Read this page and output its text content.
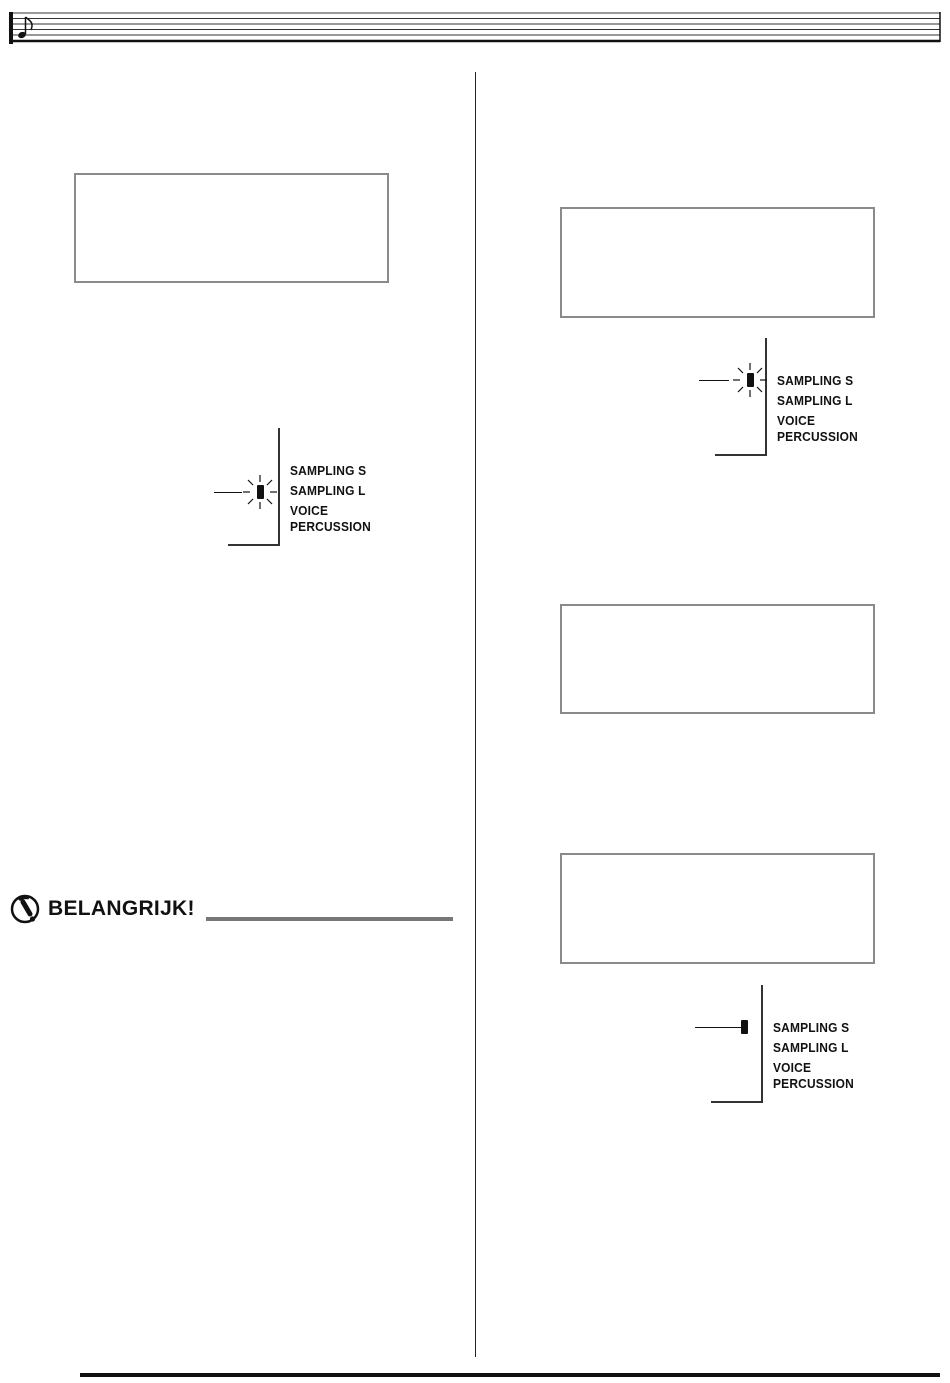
SAMPLING S
SAMPLING L
VOICE
PERCUSSION
SAMPLING S
SAMPLING L
VOICE
PERCUSSION
SAMPLING S
SAMPLING L
VOICE
PERCUSSION
BELANGRIJK!
